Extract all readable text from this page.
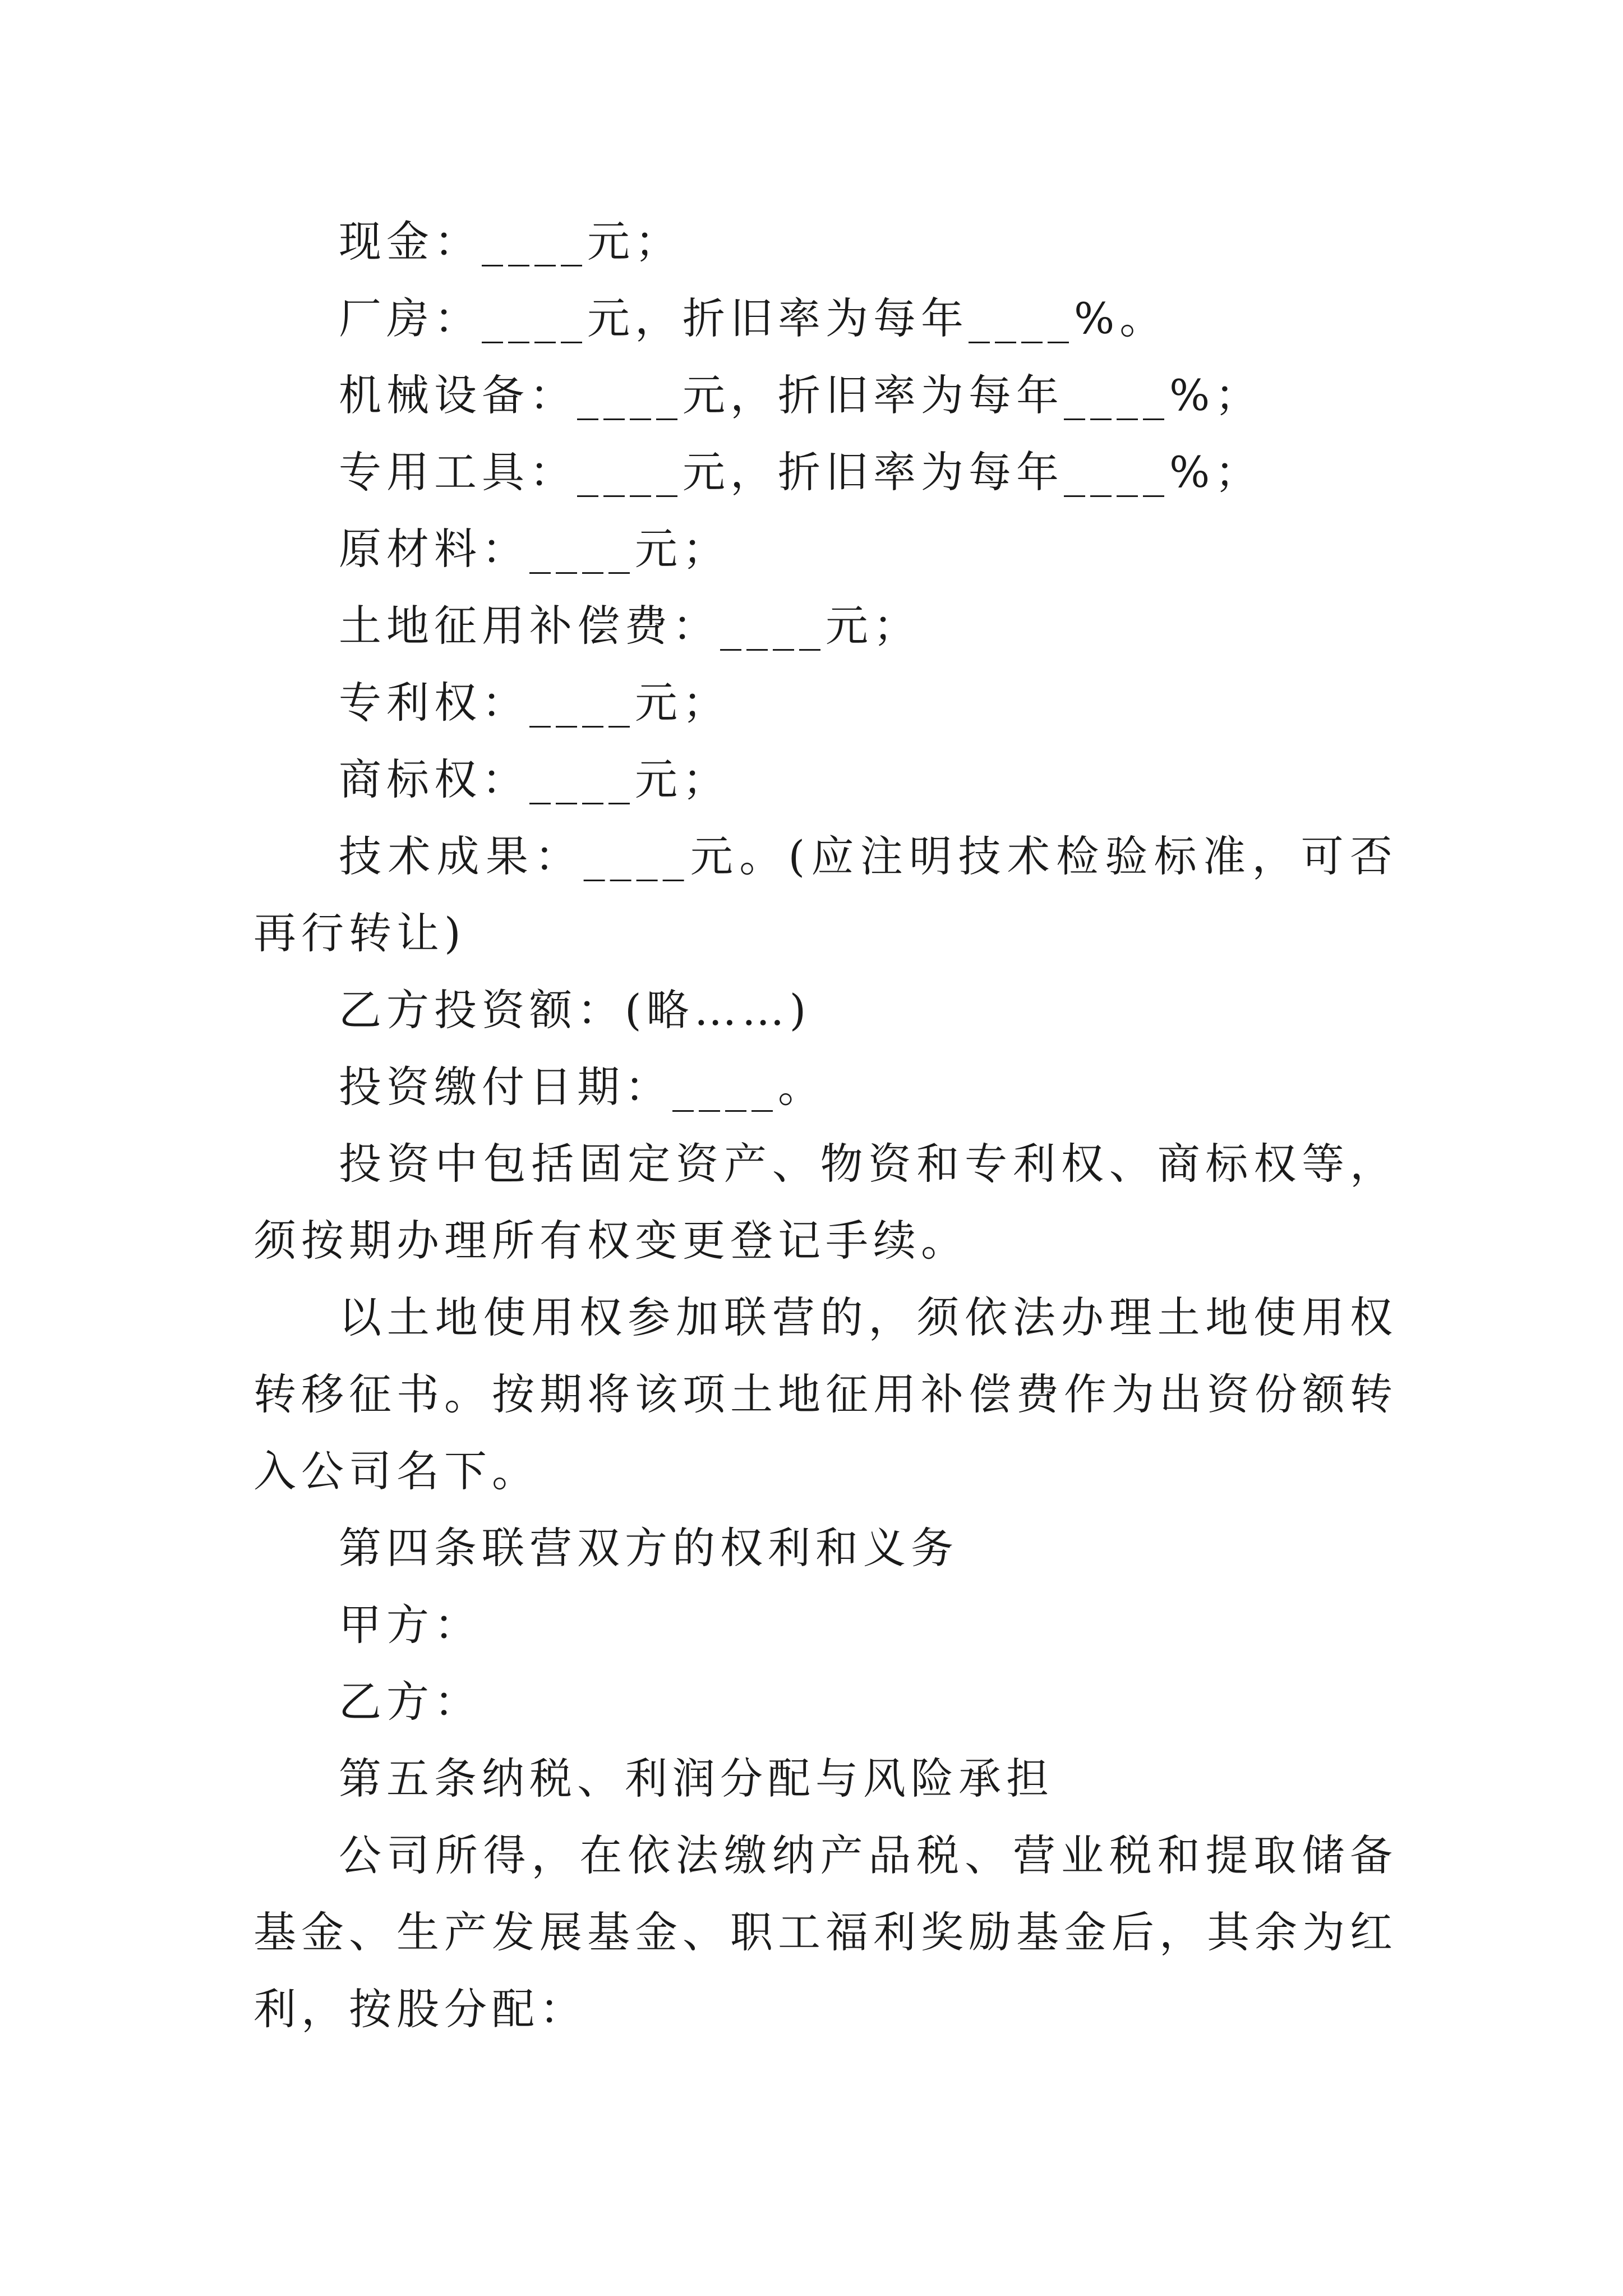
现金：____元；

厂房：____元，折旧率为每年____%。

机械设备：____元，折旧率为每年____%；

专用工具：____元，折旧率为每年____%；

原材料：____元；

土地征用补偿费：____元；

专利权：____元；

商标权：____元；

技术成果：____元。(应注明技术检验标准，可否再行转让)

乙方投资额：(略……)

投资缴付日期：____。

投资中包括固定资产、物资和专利权、商标权等，须按期办理所有权变更登记手续。

以土地使用权参加联营的，须依法办理土地使用权转移征书。按期将该项土地征用补偿费作为出资份额转入公司名下。

第四条联营双方的权利和义务

甲方：

乙方：

第五条纳税、利润分配与风险承担

公司所得，在依法缴纳产品税、营业税和提取储备基金、生产发展基金、职工福利奖励基金后，其余为红利，按股分配：
